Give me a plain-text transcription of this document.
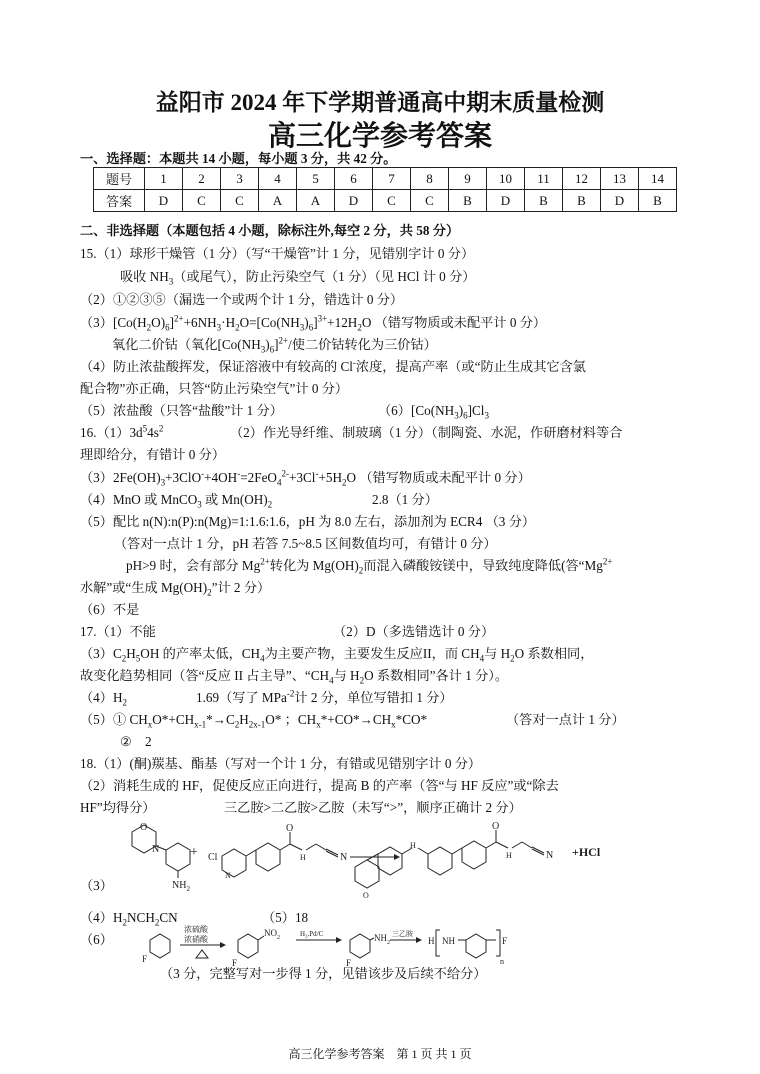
益阳市 2024 年下学期普通高中期末质量检测
高三化学参考答案
一、选择题：本题共 14 小题，每小题 3 分，共 42 分。
题号	1	2	3	4	5	6	7	8	9	10	11	12	13	14
答案	D	C	C	A	A	D	C	C	B	D	B	B	D	B
二、非选择题（本题包括 4 小题，除标注外,每空 2 分，共 58 分）
15.（1）球形干燥管（1 分）（写“干燥管”计 1 分，见错别字计 0 分）
吸收 $NH_3$（或尾气），防止污染空气（1 分）（见 HCl 计 0 分）
（2）①②③⑤（漏选一个或两个计 1 分，错选计 0 分）
$(3)[Co(H_2O)_6]^{2+}+6NH_3\cdot H_2O=[Co(NH_3)_6]^{3+}+12H_2O$ （错写物质或未配平计 0 分）
氧化二价钴（氧化$[Co(NH_3)_6]^{2+}/$使二价钴转化为三价钴）
（4）防止浓盐酸挥发，保证溶液中有较高的 Cl-浓度，提高产率（或“防止生成其它含氯
配合物”亦正确，只答“防止污染空气”计 0 分）
（5）浓盐酸（只答“盐酸”计 1 分）	$(6)[Co(NH_3)_6]Cl_3$
$16.(1)3d^54s^2$	（2）作光导纤维、制玻璃（1 分）（制陶瓷、水泥，作研磨材料等合
理即给分，有错计 0 分）
$(3)2Fe(OH)_3+3ClO^-+4OH^-=2FeO_4^{2-}+3Cl^-+5H_2O$ （错写物质或未配平计 0 分）
（4）MnO 或 MnCO$_3$ 或 $Mn(OH)_2$	2.8（1 分）
（5）配比 n(N):n(P):n(Mg)=1:1.6:1.6，pH 为 8.0 左右，添加剂为 ECR4 （3 分）
（答对一点计 1 分，pH 若答 7.5~8.5 区间数值均可，有错计 0 分）
pH>9 时，会有部分 $Mg^{2+}$转化为 $Mg(OH)_2$而混入磷酸铵镁中，导致纯度降低(答“$Mg^{2+}$
水解”或“生成 $Mg(OH)_2$”计 2 分）
（6）不是
17.（1）不能	（2）D（多选错选计 0 分）
$(3)C_2H_5OH$ 的产率太低，$CH_4$为主要产物，主要发生反应II，而 $CH_4$与 $H_2O$ 系数相同，
故变化趋势相同（答“反应 II 占主导”、“$CH_4$与 $H_2O$ 系数相同”各计 1 分）。
$(4)H_2$	1.69（写了 MPa$^{-2}$计 2 分，单位写错扣 1 分）
（5）① $CH_xO*+CH_{x-1}*\to C_2H_{2x-1}O*$ ；$CH_x*+CO*\to CH_x*CO*$	（答对一点计 1 分）
②　2
18.（1）(酮)羰基、酯基（写对一个计 1 分，有错或见错别字计 0 分）
（2）消耗生成的 HF，促使反应正向进行，提高 B 的产率（答“与 HF 反应”或“除去
HF”均得分）	三乙胺>二乙胺>乙胺（未写“>”，顺序正确计 2 分）
（3）
O
N
$NH_2$
+ Cl
N
O
H	N
O
H
O
H	N +HCl
$(4)H_2NCH_2CN$	（5）18
（6）
F
浓硫酸
浓硝酸
F
$NO_2$	H₂,Pd/C
F
$NH_2$
三乙胺
H NH	F
n
（3 分，完整写对一步得 1 分，见错该步及后续不给分）
高三化学参考答案　第 1 页 共 1 页
